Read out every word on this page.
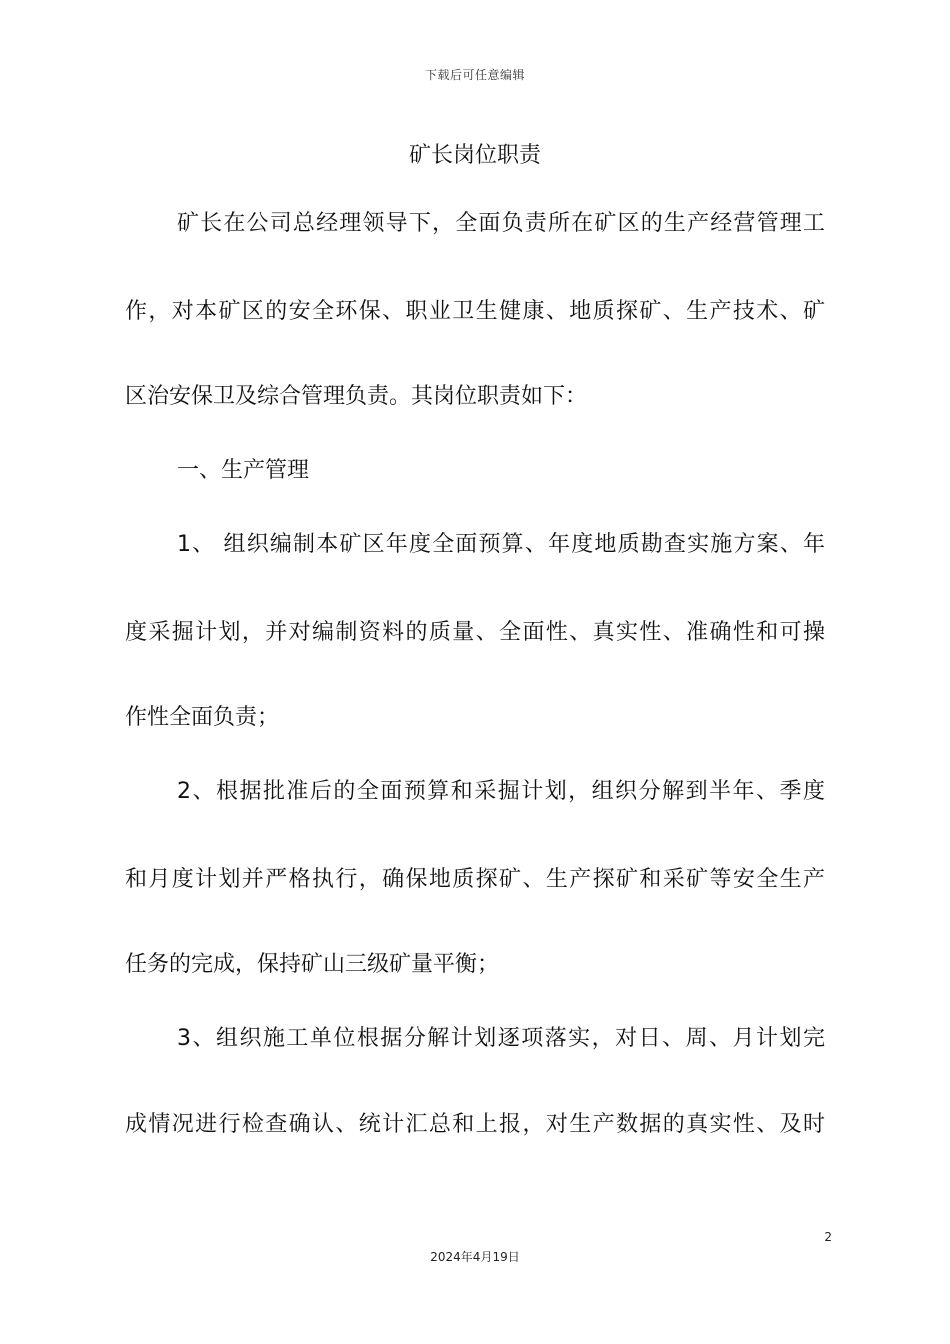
下载后可任意编辑
矿长岗位职责
矿长在公司总经理领导下，全面负责所在矿区的生产经营管理工
作，对本矿区的安全环保、职业卫生健康、地质探矿、生产技术、矿
区治安保卫及综合管理负责。其岗位职责如下：
一、生产管理
1、 组织编制本矿区年度全面预算、年度地质勘查实施方案、年
度采掘计划，并对编制资料的质量、全面性、真实性、准确性和可操
作性全面负责；
2、根据批准后的全面预算和采掘计划，组织分解到半年、季度
和月度计划并严格执行，确保地质探矿、生产探矿和采矿等安全生产
任务的完成，保持矿山三级矿量平衡；
3、组织施工单位根据分解计划逐项落实，对日、周、月计划完
成情况进行检查确认、统计汇总和上报，对生产数据的真实性、及时
2
2024年4月19日
